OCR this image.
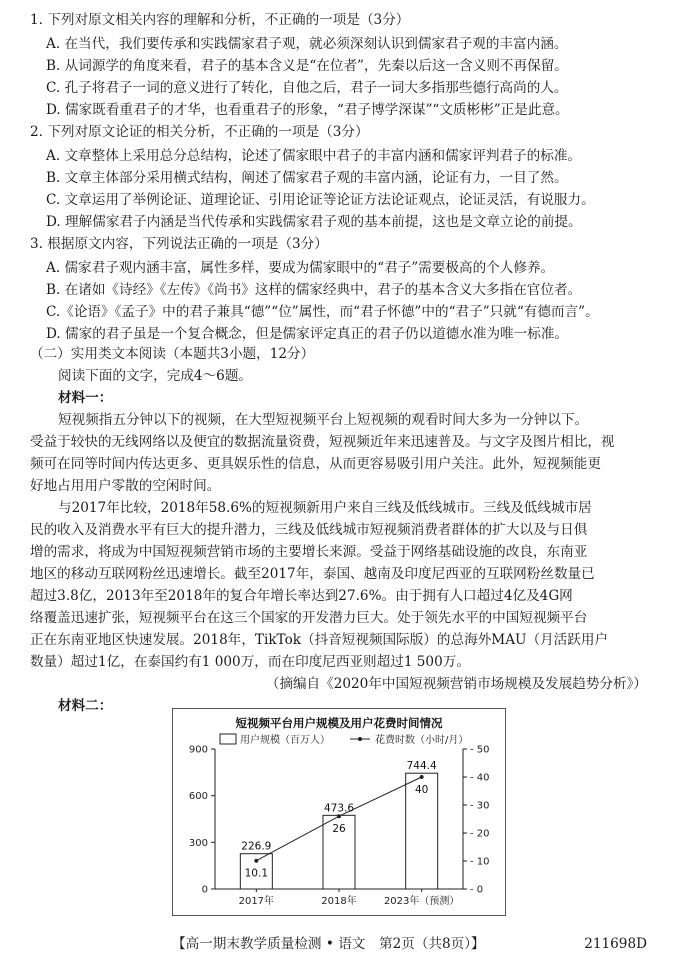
1. 下列对原文相关内容的理解和分析，不正确的一项是（3分）
A. 在当代，我们要传承和实践儒家君子观，就必须深刻认识到儒家君子观的丰富内涵。
B. 从词源学的角度来看，君子的基本含义是“在位者”，先秦以后这一含义则不再保留。
C. 孔子将君子一词的意义进行了转化，自他之后，君子一词大多指那些德行高尚的人。
D. 儒家既看重君子的才华，也看重君子的形象，“君子博学深谋”“文质彬彬”正是此意。
2. 下列对原文论证的相关分析，不正确的一项是（3分）
A. 文章整体上采用总分总结构，论述了儒家眼中君子的丰富内涵和儒家评判君子的标准。
B. 文章主体部分采用横式结构，阐述了儒家君子观的丰富内涵，论证有力，一目了然。
C. 文章运用了举例论证、道理论证、引用论证等论证方法论证观点，论证灵活，有说服力。
D. 理解儒家君子内涵是当代传承和实践儒家君子观的基本前提，这也是文章立论的前提。
3. 根据原文内容，下列说法正确的一项是（3分）
A. 儒家君子观内涵丰富，属性多样，要成为儒家眼中的“君子”需要极高的个人修养。
B. 在诸如《诗经》《左传》《尚书》这样的儒家经典中，君子的基本含义大多指在官位者。
C.《论语》《孟子》中的君子兼具“德”“位”属性，而“君子怀德”中的“君子”只就“有德而言”。
D. 儒家的君子虽是一个复合概念，但是儒家评定真正的君子仍以道德水准为唯一标准。
（二）实用类文本阅读（本题共3小题，12分）
阅读下面的文字，完成4～6题。
材料一：
短视频指五分钟以下的视频，在大型短视频平台上短视频的观看时间大多为一分钟以下。
受益于较快的无线网络以及便宜的数据流量资费，短视频近年来迅速普及。与文字及图片相比，视
频可在同等时间内传达更多、更具娱乐性的信息，从而更容易吸引用户关注。此外，短视频能更
好地占用用户零散的空闲时间。
与2017年比较，2018年58.6%的短视频新用户来自三线及低线城市。三线及低线城市居
民的收入及消费水平有巨大的提升潜力，三线及低线城市短视频消费者群体的扩大以及与日俱
增的需求，将成为中国短视频营销市场的主要增长来源。受益于网络基础设施的改良，东南亚
地区的移动互联网粉丝迅速增长。截至2017年，泰国、越南及印度尼西亚的互联网粉丝数量已
超过3.8亿，2013年至2018年的复合年增长率达到27.6%。由于拥有人口超过4亿及4G网
络覆盖迅速扩张，短视频平台在这三个国家的开发潜力巨大。处于领先水平的中国短视频平台
正在东南亚地区快速发展。2018年，TikTok（抖音短视频国际版）的总海外MAU（月活跃用户
数量）超过1亿，在泰国约有1 000万，而在印度尼西亚则超过1 500万。
（摘编自《2020年中国短视频营销市场规模及发展趋势分析》）
材料二：
短视频平台用户规模及用户花费时间情况
用户规模（百万人）	花费时数（小时/月）
0
300
600
900
- 0
- 10
- 20
- 30
- 40
- 50
226.9
2017年
473.6
2018年
744.4
2023年（预测）
10.1
26
40
【高一期末教学质量检测 • 语文　第2页（共8页）】	211698D
